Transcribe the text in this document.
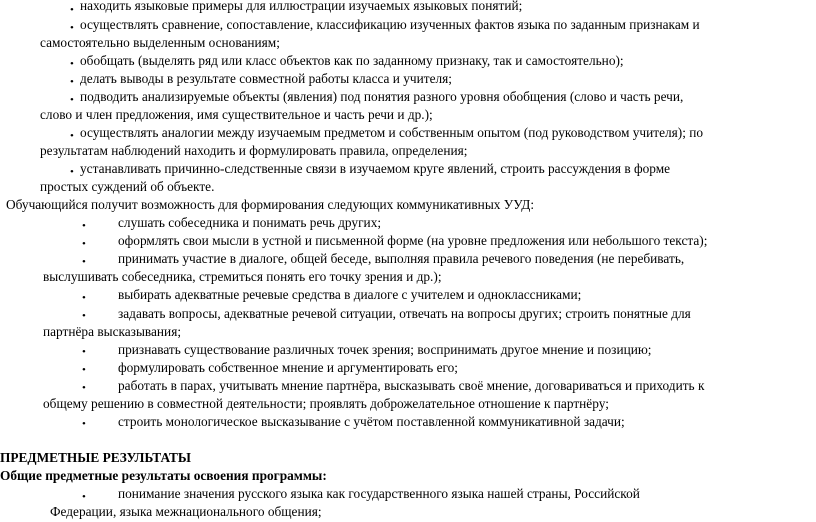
• находить языковые примеры для иллюстрации изучаемых языковых понятий;
• осуществлять сравнение, сопоставление, классификацию изученных фактов языка по заданным признакам и
самостоятельно выделенным основаниям;
• обобщать (выделять ряд или класс объектов как по заданному признаку, так и самостоятельно);
• делать выводы в результате совместной работы класса и учителя;
• подводить анализируемые объекты (явления) под понятия разного уровня обобщения (слово и часть речи,
слово и член предложения, имя существительное и часть речи и др.);
• осуществлять аналогии между изучаемым предметом и собственным опытом (под руководством учителя); по
результатам наблюдений находить и формулировать правила, определения;
• устанавливать причинно-следственные связи в изучаемом круге явлений, строить рассуждения в форме
простых суждений об объекте.
Обучающийся получит возможность для формирования следующих коммуникативных УУД:
• слушать собеседника и понимать речь других;
• оформлять свои мысли в устной и письменной форме (на уровне предложения или небольшого текста);
• принимать участие в диалоге, общей беседе, выполняя правила речевого поведения (не перебивать,
выслушивать собеседника, стремиться понять его точку зрения и др.);
• выбирать адекватные речевые средства в диалоге с учителем и одноклассниками;
• задавать вопросы, адекватные речевой ситуации, отвечать на вопросы других; строить понятные для
партнёра высказывания;
• признавать существование различных точек зрения; воспринимать другое мнение и позицию;
• формулировать собственное мнение и аргументировать его;
• работать в парах, учитывать мнение партнёра, высказывать своё мнение, договариваться и приходить к
общему решению в совместной деятельности; проявлять доброжелательное отношение к партнёру;
• строить монологическое высказывание с учётом поставленной коммуникативной задачи;
ПРЕДМЕТНЫЕ РЕЗУЛЬТАТЫ
Общие предметные результаты освоения программы:
• понимание значения русского языка как государственного языка нашей страны, Российской
Федерации, языка межнационального общения;
